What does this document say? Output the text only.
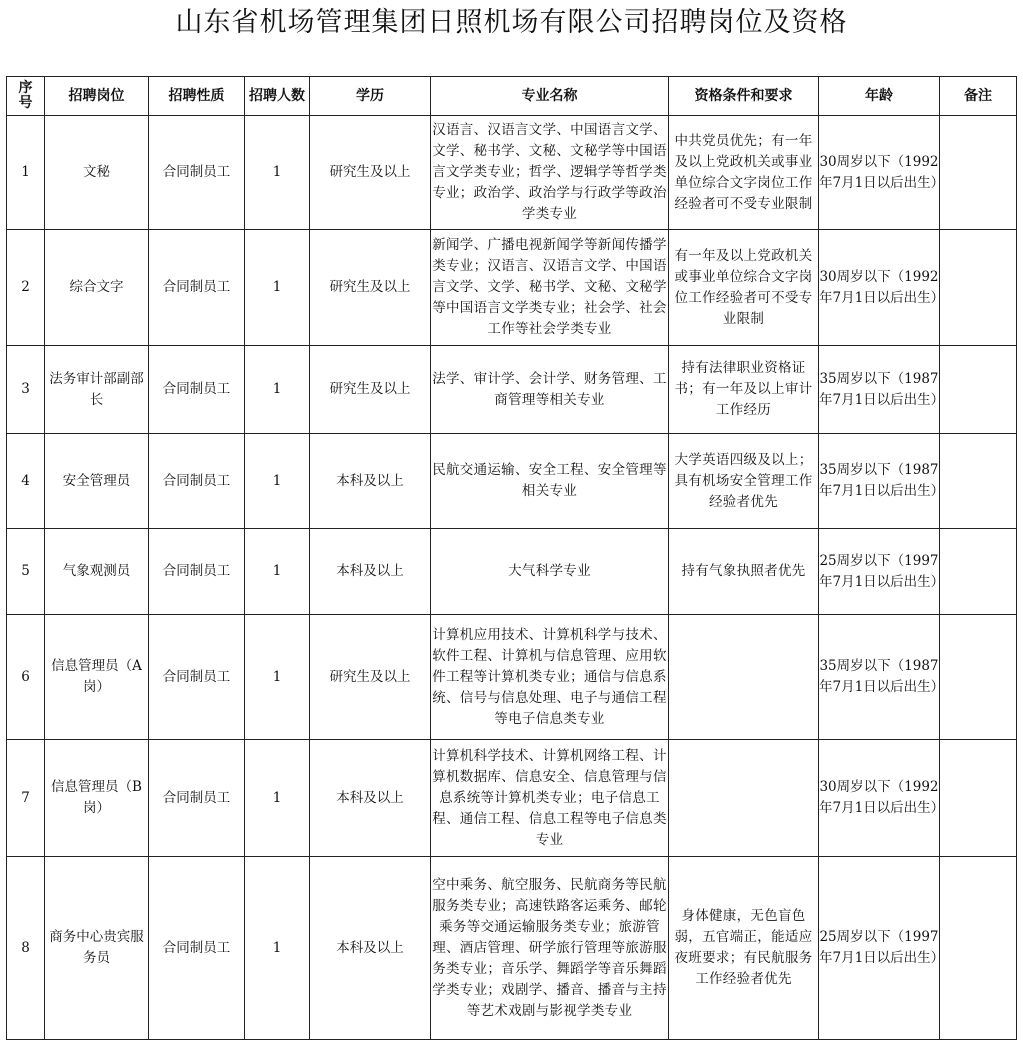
山东省机场管理集团日照机场有限公司招聘岗位及资格
序号	招聘岗位	招聘性质	招聘人数	学历	专业名称	资格条件和要求	年龄	备注
1	文秘	合同制员工	1	研究生及以上	汉语言、汉语言文学、中国语言文学、文学、秘书学、文秘、文秘学等中国语言文学类专业；哲学、逻辑学等哲学类专业；政治学、政治学与行政学等政治学类专业	中共党员优先；有一年及以上党政机关或事业单位综合文字岗位工作经验者可不受专业限制	30周岁以下（1992年7月1日以后出生）	
2	综合文字	合同制员工	1	研究生及以上	新闻学、广播电视新闻学等新闻传播学类专业；汉语言、汉语言文学、中国语言文学、文学、秘书学、文秘、文秘学等中国语言文学类专业；社会学、社会工作等社会学类专业	有一年及以上党政机关或事业单位综合文字岗位工作经验者可不受专业限制	30周岁以下（1992年7月1日以后出生）	
3	法务审计部副部长	合同制员工	1	研究生及以上	法学、审计学、会计学、财务管理、工商管理等相关专业	持有法律职业资格证书；有一年及以上审计工作经历	35周岁以下（1987年7月1日以后出生）	
4	安全管理员	合同制员工	1	本科及以上	民航交通运输、安全工程、安全管理等相关专业	大学英语四级及以上；具有机场安全管理工作经验者优先	35周岁以下（1987年7月1日以后出生）	
5	气象观测员	合同制员工	1	本科及以上	大气科学专业	持有气象执照者优先	25周岁以下（1997年7月1日以后出生）	
6	信息管理员（A岗）	合同制员工	1	研究生及以上	计算机应用技术、计算机科学与技术、软件工程、计算机与信息管理、应用软件工程等计算机类专业；通信与信息系统、信号与信息处理、电子与通信工程等电子信息类专业		35周岁以下（1987年7月1日以后出生）	
7	信息管理员（B岗）	合同制员工	1	本科及以上	计算机科学技术、计算机网络工程、计算机数据库、信息安全、信息管理与信息系统等计算机类专业；电子信息工程、通信工程、信息工程等电子信息类专业		30周岁以下（1992年7月1日以后出生）	
8	商务中心贵宾服务员	合同制员工	1	本科及以上	空中乘务、航空服务、民航商务等民航服务类专业；高速铁路客运乘务、邮轮乘务等交通运输服务类专业；旅游管理、酒店管理、研学旅行管理等旅游服务类专业；音乐学、舞蹈学等音乐舞蹈学类专业；戏剧学、播音、播音与主持等艺术戏剧与影视学类专业	身体健康，无色盲色弱，五官端正，能适应夜班要求；有民航服务工作经验者优先	25周岁以下（1997年7月1日以后出生）	
